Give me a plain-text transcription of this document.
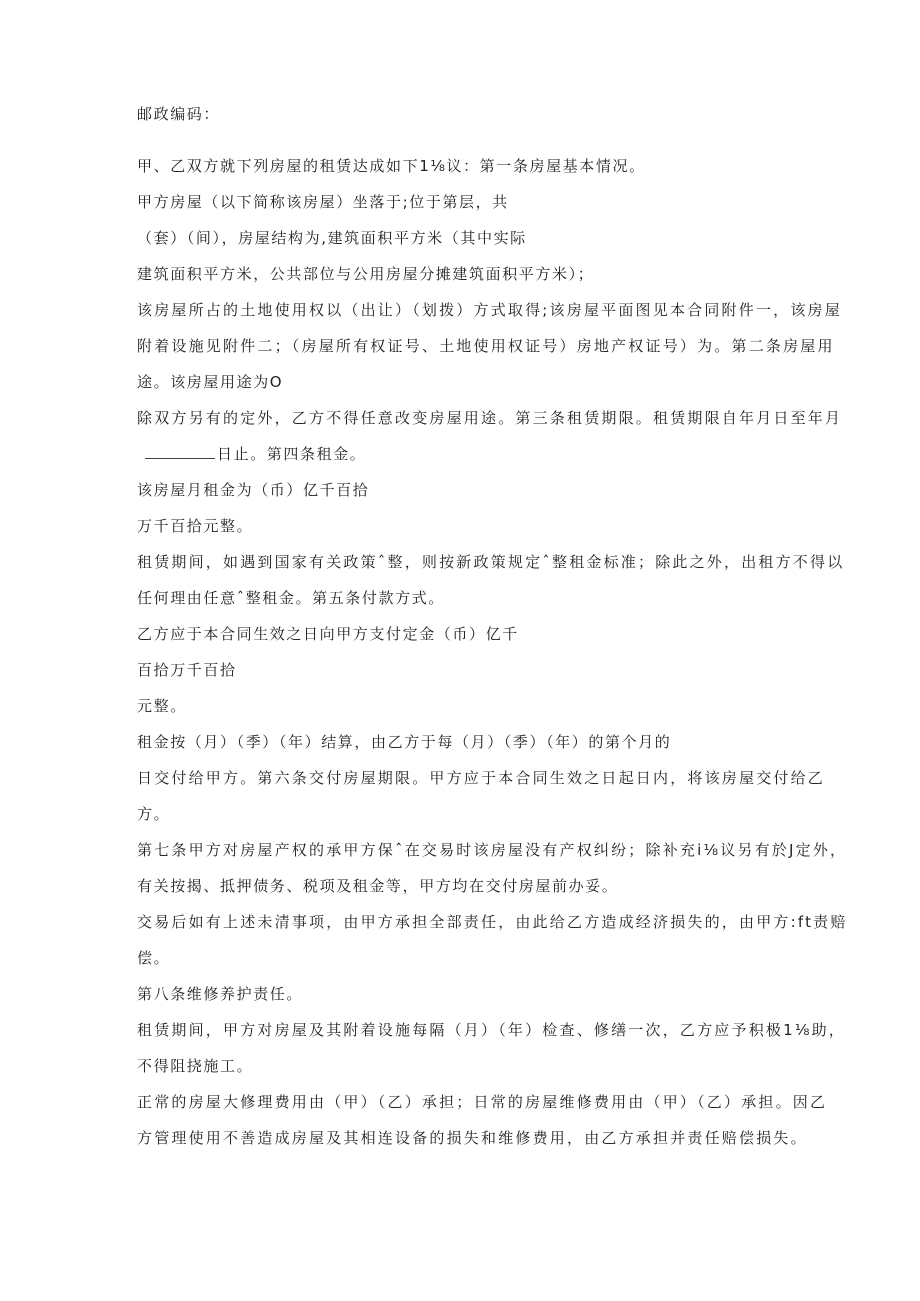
邮政编码：
甲、乙双方就下列房屋的租赁达成如下1⅛议：第一条房屋基本情况。
甲方房屋（以下简称该房屋）坐落于;位于第层，共
（套）（间），房屋结构为,建筑面积平方米（其中实际
建筑面积平方米，公共部位与公用房屋分摊建筑面积平方米）；
该房屋所占的土地使用权以（出让）（划拨）方式取得;该房屋平面图见本合同附件一，该房屋
附着设施见附件二；（房屋所有权证号、土地使用权证号）房地产权证号）为。第二条房屋用
途。该房屋用途为O
除双方另有的定外，乙方不得任意改变房屋用途。第三条租赁期限。租赁期限自年月日至年月
日止。第四条租金。
该房屋月租金为（币）亿千百拾
万千百拾元整。
租赁期间，如遇到国家有关政策ˆ整，则按新政策规定ˆ整租金标准；除此之外，出租方不得以
任何理由任意ˆ整租金。第五条付款方式。
乙方应于本合同生效之日向甲方支付定金（币）亿千
百拾万千百拾
元整。
租金按（月）（季）（年）结算，由乙方于每（月）（季）（年）的第个月的
日交付给甲方。第六条交付房屋期限。甲方应于本合同生效之日起日内，将该房屋交付给乙
方。
第七条甲方对房屋产权的承甲方保ˆ在交易时该房屋没有产权纠纷；除补充i⅛议另有於J定外，
有关按揭、抵押债务、税项及租金等，甲方均在交付房屋前办妥。
交易后如有上述未清事项，由甲方承担全部责任，由此给乙方造成经济损失的，由甲方:ft责赔
偿。
第八条维修养护责任。
租赁期间，甲方对房屋及其附着设施每隔（月）（年）检查、修缮一次，乙方应予积极1⅛助，
不得阻挠施工。
正常的房屋大修理费用由（甲）（乙）承担；日常的房屋维修费用由（甲）（乙）承担。因乙
方管理使用不善造成房屋及其相连设备的损失和维修费用，由乙方承担并责任赔偿损失。
